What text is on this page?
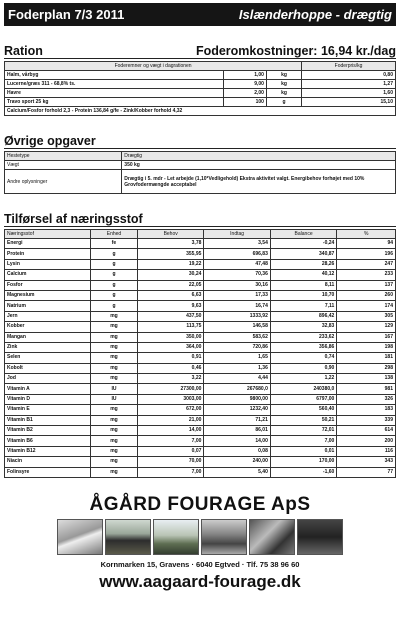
Foderplan 7/3 2011	Islænderhoppe - drægtig
Ration	Foderomkostninger: 16,94 kr./dag
Foderemner og vægt i dagrationen			Foderpris/kg
Halm, vårbyg	1,00	kg	0,80
Lucerne/græs 311 - 68,8% ts.	9,00	kg	1,27
Havre	2,00	kg	1,60
Travo sport 25 kg	100	g	15,10
Calcium/Fosfor forhold 2,3 - Protein 136,84 g/fe - Zink/Kobber forhold 4,32
Øvrige opgaver
Hestetype	Drægtig
Vægt	350 kg
Andre oplysninger	Drægtig i 5. mdr - Let arbejde (1,10*Vedligehold) Ekstra aktivitet valgt. Energibehov forhøjet med 10% Grovfodermængde acceptabel
Tilførsel af næringsstof
Næringsstof	Enhed	Behov	Indtag	Balance	%
Energi	fe	3,78	3,54	-0,24	94
Protein	g	355,95	696,83	340,87	196
Lysin	g	19,22	47,48	28,26	247
Calcium	g	30,24	70,36	40,12	233
Fosfor	g	22,05	30,16	8,11	137
Magnesium	g	6,63	17,33	10,70	260
Natrium	g	9,63	16,74	7,11	174
Jern	mg	437,50	1333,92	896,42	305
Kobber	mg	113,75	146,58	32,83	129
Mangan	mg	350,00	583,62	233,62	167
Zink	mg	364,00	720,86	356,86	198
Selen	mg	0,91	1,65	0,74	181
Kobolt	mg	0,46	1,36	0,90	298
Jod	mg	3,22	4,44	1,22	138
Vitamin A	IU	27300,00	267680,0	240380,0	981
Vitamin D	IU	3003,00	9800,00	6797,00	326
Vitamin E	mg	672,00	1232,40	560,40	183
Vitamin B1	mg	21,00	71,21	50,21	339
Vitamin B2	mg	14,00	86,01	72,01	614
Vitamin B6	mg	7,00	14,00	7,00	200
Vitamin B12	mg	0,07	0,08	0,01	116
Niacin	mg	70,00	240,00	170,00	343
Folinsyre	mg	7,00	5,40	-1,60	77
ÅGÅRD FOURAGE ApS
Kornmarken 15, Gravens · 6040 Egtved · Tlf. 75 38 96 60
www.aagaard-fourage.dk
